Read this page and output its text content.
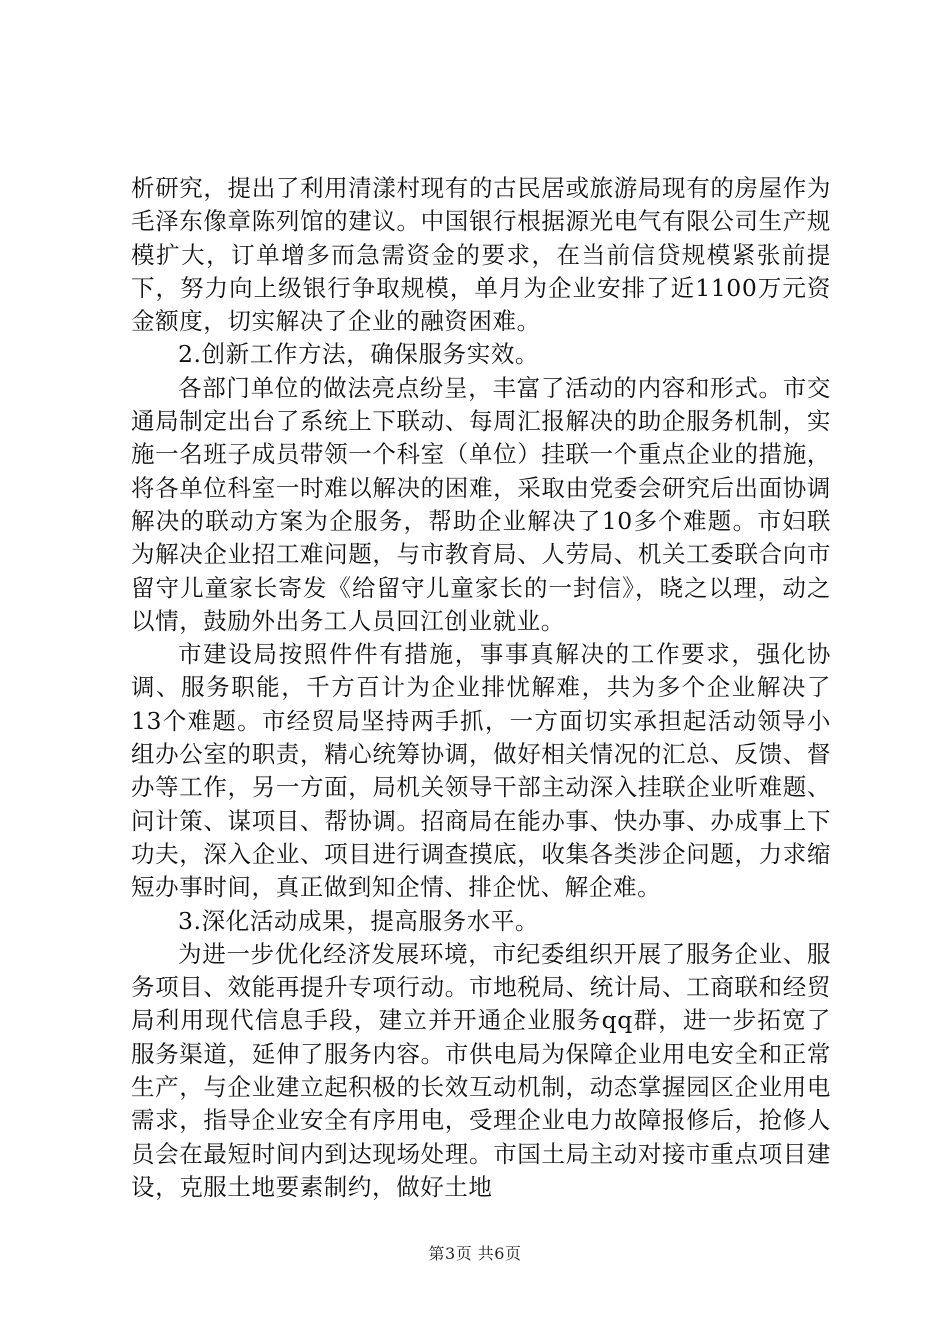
析研究，提出了利用清漾村现有的古民居或旅游局现有的房屋作为毛泽东像章陈列馆的建议。中国银行根据源光电气有限公司生产规模扩大，订单增多而急需资金的要求，在当前信贷规模紧张前提下，努力向上级银行争取规模，单月为企业安排了近1100万元资金额度，切实解决了企业的融资困难。

2.创新工作方法，确保服务实效。

各部门单位的做法亮点纷呈，丰富了活动的内容和形式。市交通局制定出台了系统上下联动、每周汇报解决的助企服务机制，实施一名班子成员带领一个科室（单位）挂联一个重点企业的措施，将各单位科室一时难以解决的困难，采取由党委会研究后出面协调解决的联动方案为企服务，帮助企业解决了10多个难题。市妇联为解决企业招工难问题，与市教育局、人劳局、机关工委联合向市留守儿童家长寄发《给留守儿童家长的一封信》，晓之以理，动之以情，鼓励外出务工人员回江创业就业。

市建设局按照件件有措施，事事真解决的工作要求，强化协调、服务职能，千方百计为企业排忧解难，共为多个企业解决了13个难题。市经贸局坚持两手抓，一方面切实承担起活动领导小组办公室的职责，精心统筹协调，做好相关情况的汇总、反馈、督办等工作，另一方面，局机关领导干部主动深入挂联企业听难题、问计策、谋项目、帮协调。招商局在能办事、快办事、办成事上下功夫，深入企业、项目进行调查摸底，收集各类涉企问题，力求缩短办事时间，真正做到知企情、排企忧、解企难。

3.深化活动成果，提高服务水平。

为进一步优化经济发展环境，市纪委组织开展了服务企业、服务项目、效能再提升专项行动。市地税局、统计局、工商联和经贸局利用现代信息手段，建立并开通企业服务qq群，进一步拓宽了服务渠道，延伸了服务内容。市供电局为保障企业用电安全和正常生产，与企业建立起积极的长效互动机制，动态掌握园区企业用电需求，指导企业安全有序用电，受理企业电力故障报修后，抢修人员会在最短时间内到达现场处理。市国土局主动对接市重点项目建设，克服土地要素制约，做好土地

第3页 共6页
